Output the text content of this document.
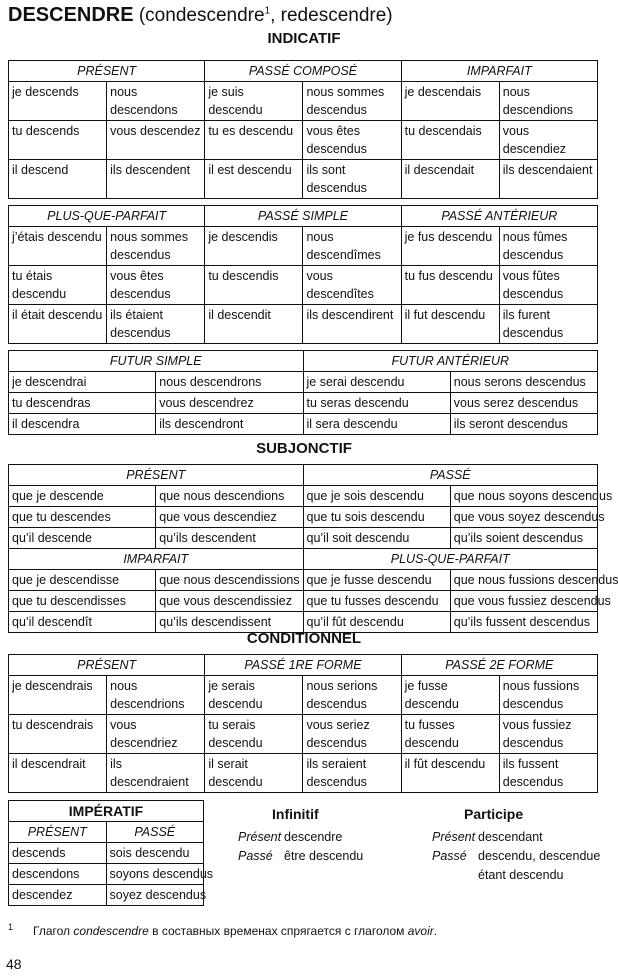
DESCENDRE (condescendre$^1$, redescendre)
INDICATIF
PRÉSENT		PASSÉ COMPOSÉ		IMPARFAIT	
je descends	nous descendons	je suis descendu	nous sommes descendus	je descendais	nous descendions
tu descends	vous descendez	tu es descendu	vous êtes descendus	tu descendais	vous descendiez
il descend	ils descendent	il est descendu	ils sont descendus	il descendait	ils descendaient
PLUS-QUE-PARFAIT		PASSÉ SIMPLE		PASSÉ ANTÉRIEUR	
j’étais descendu	nous sommes descendus	je descendis	nous descendîmes	je fus descendu	nous fûmes descendus
tu étais descendu	vous êtes descendus	tu descendis	vous descendîtes	tu fus descendu	vous fûtes descendus
il était descendu	ils étaient descendus	il descendit	ils descendirent	il fut descendu	ils furent descendus
FUTUR SIMPLE		FUTUR ANTÉRIEUR	
je descendrai	nous descendrons	je serai descendu	nous serons descendus
tu descendras	vous descendrez	tu seras descendu	vous serez descendus
il descendra	ils descendront	il sera descendu	ils seront descendus
SUBJONCTIF
PRÉSENT		PASSÉ	
que je descende	que nous descendions	que je sois descendu	que nous soyons descendus
que tu descendes	que vous descendiez	que tu sois descendu	que vous soyez descendus
qu’il descende	qu’ils descendent	qu’il soit descendu	qu’ils soient descendus
IMPARFAIT		PLUS-QUE-PARFAIT	
que je descendisse	que nous descendissions	que je fusse descendu	que nous fussions descendus
que tu descendisses	que vous descendissiez	que tu fusses descendu	que vous fussiez descendus
qu’il descendît	qu’ils descendissent	qu’il fût descendu	qu’ils fussent descendus
CONDITIONNEL
PRÉSENT		PASSÉ 1RE FORME		PASSÉ 2E FORME	
je descendrais	nous descendrions	je serais descendu	nous serions descendus	je fusse descendu	nous fussions descendus
tu descendrais	vous descendriez	tu serais descendu	vous seriez descendus	tu fusses descendu	vous fussiez descendus
il descendrait	ils descendraient	il serait descendu	ils seraient descendus	il fût descendu	ils fussent descendus
IMPÉRATIF	
PRÉSENT	PASSÉ
descends	sois descendu
descendons	soyons descendus
descendez	soyez descendus
Infinitif
Présent descendre
Passé être descendu
Participe
Présent descendant
Passé descendu, descendue
étant descendu
$^1$ Глагол condescendre в составных временах спрягается с глаголом avoir.
48
